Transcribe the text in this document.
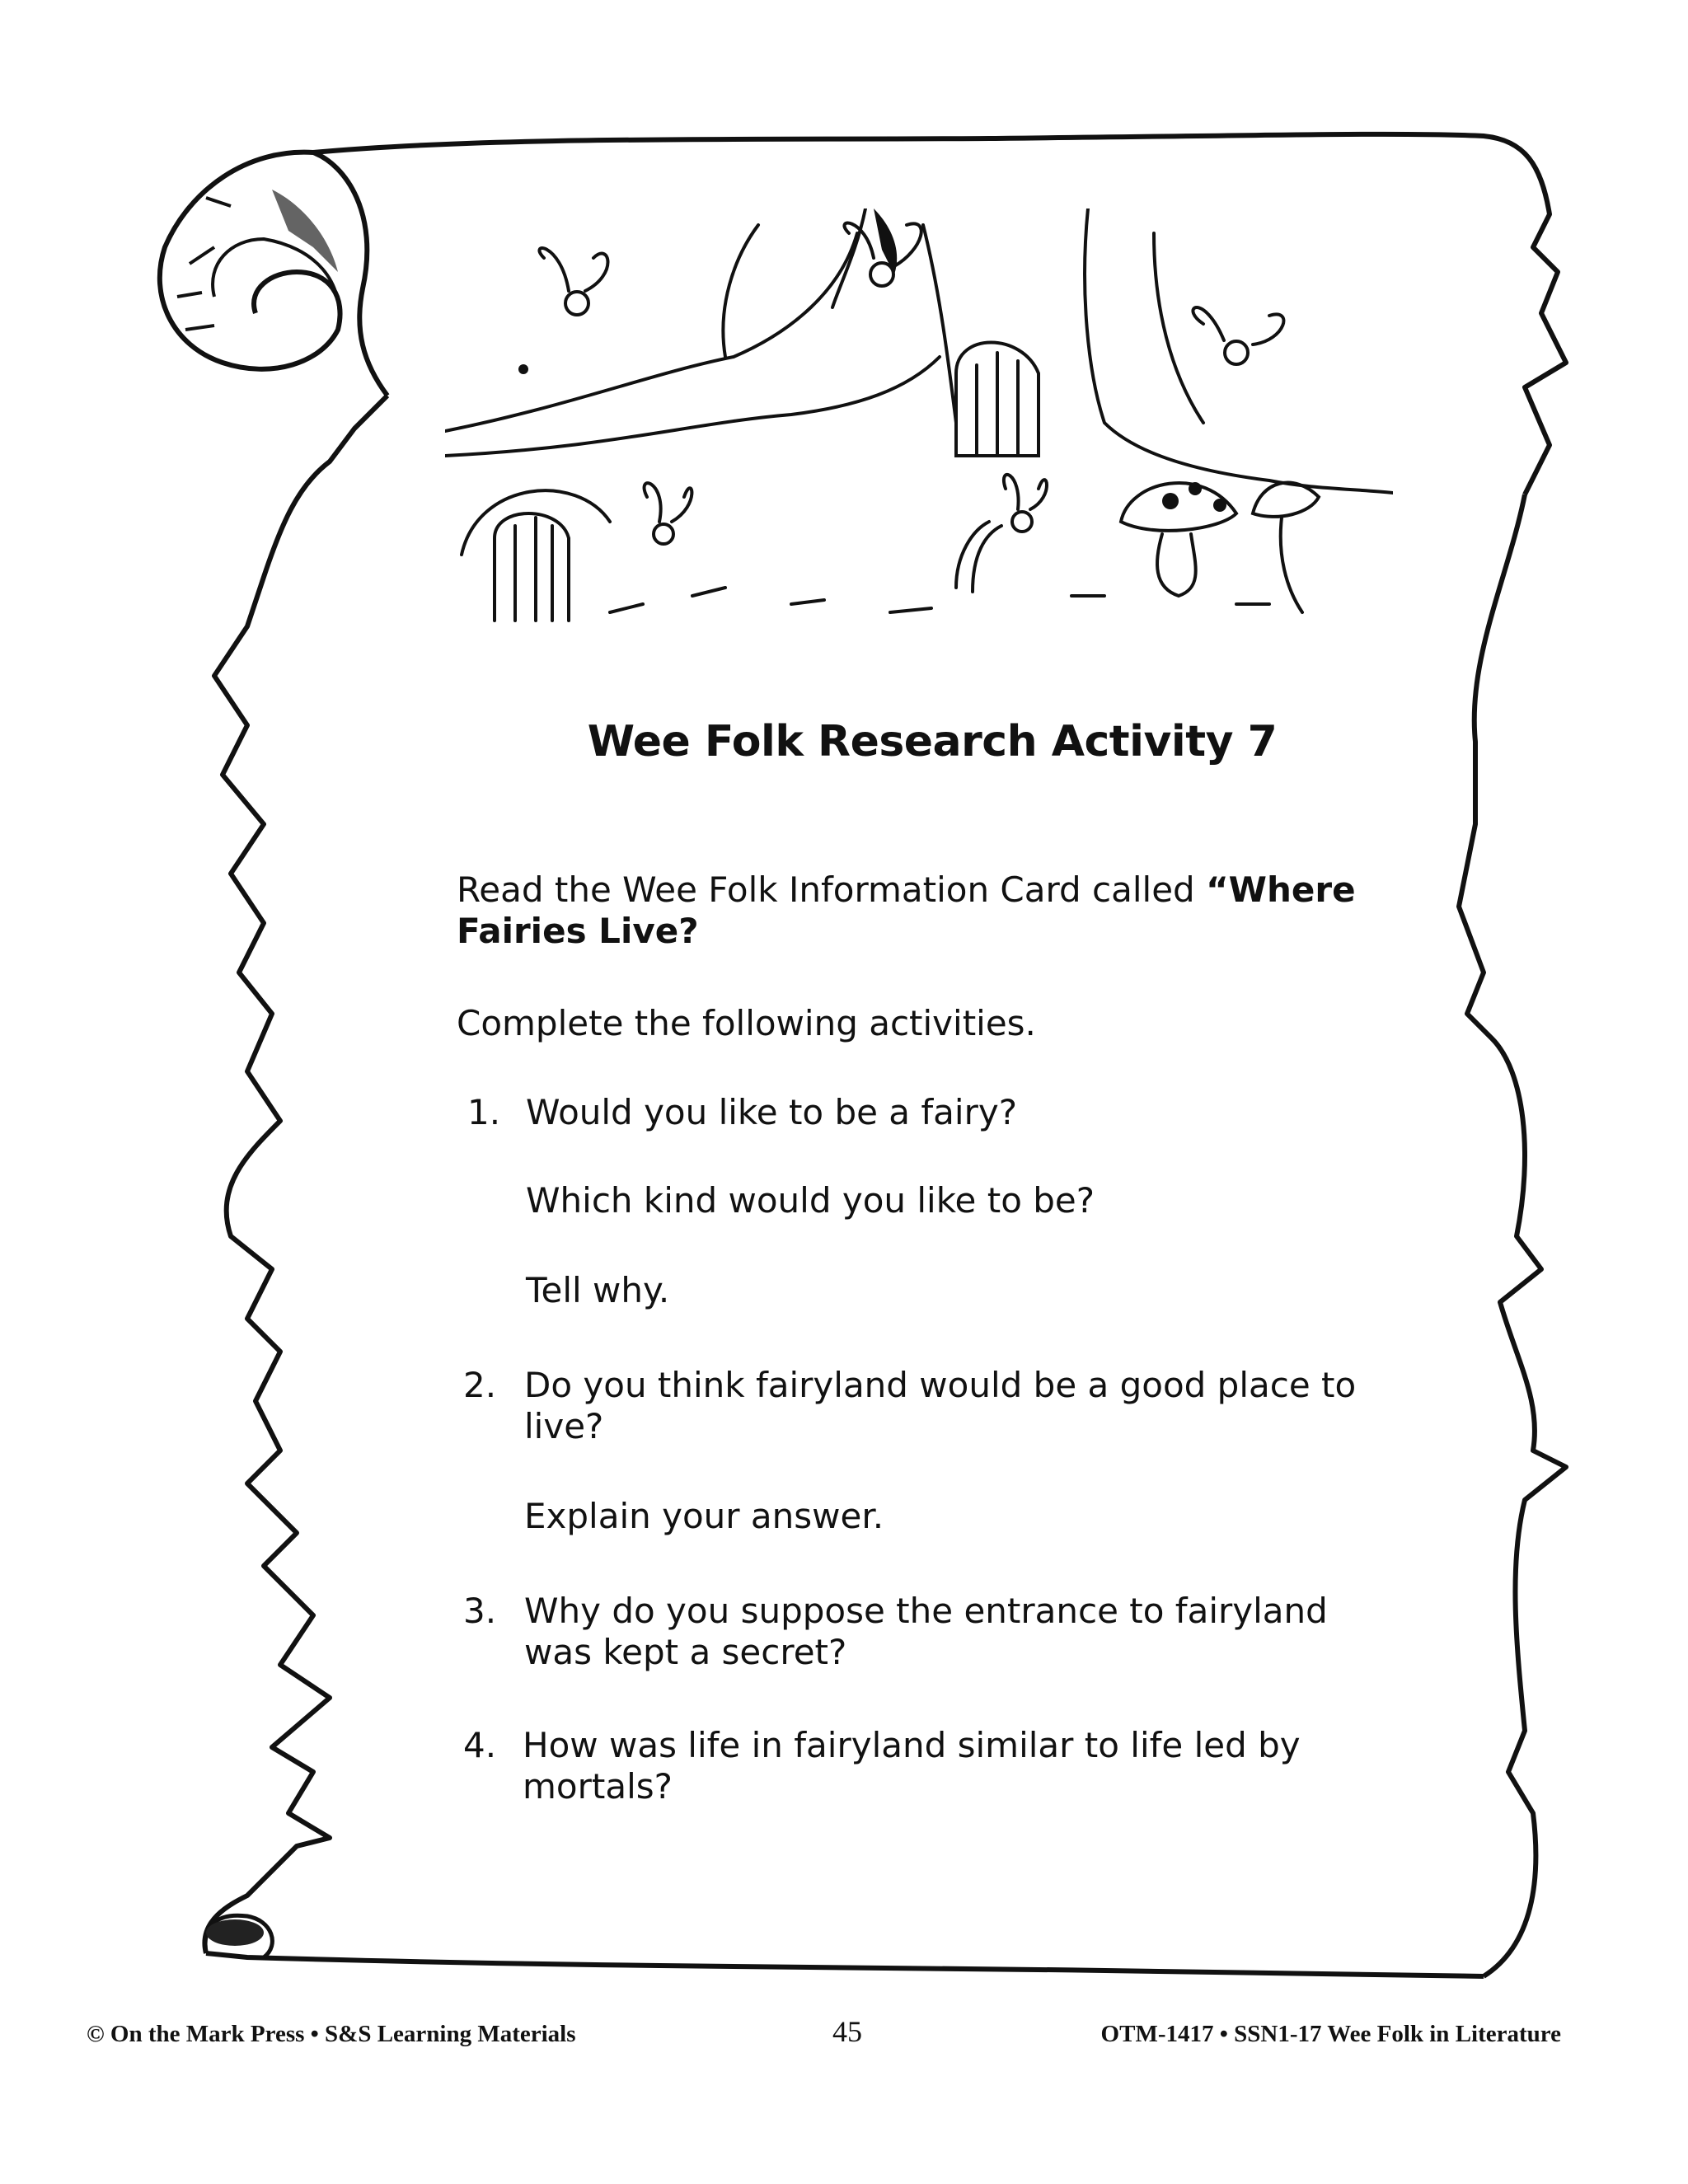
Wee Folk Research Activity 7
Read the Wee Folk Information Card called “Where
Fairies Live?
Complete the following activities.
1. Would you like to be a fairy?
Which kind would you like to be?
Tell why.
2. Do you think fairyland would be a good place to
live?
Explain your answer.
3. Why do you suppose the entrance to fairyland
was kept a secret?
4. How was life in fairyland similar to life led by
mortals?
© On the Mark Press • S&S Learning Materials	45	OTM-1417 • SSN1-17 Wee Folk in Literature
